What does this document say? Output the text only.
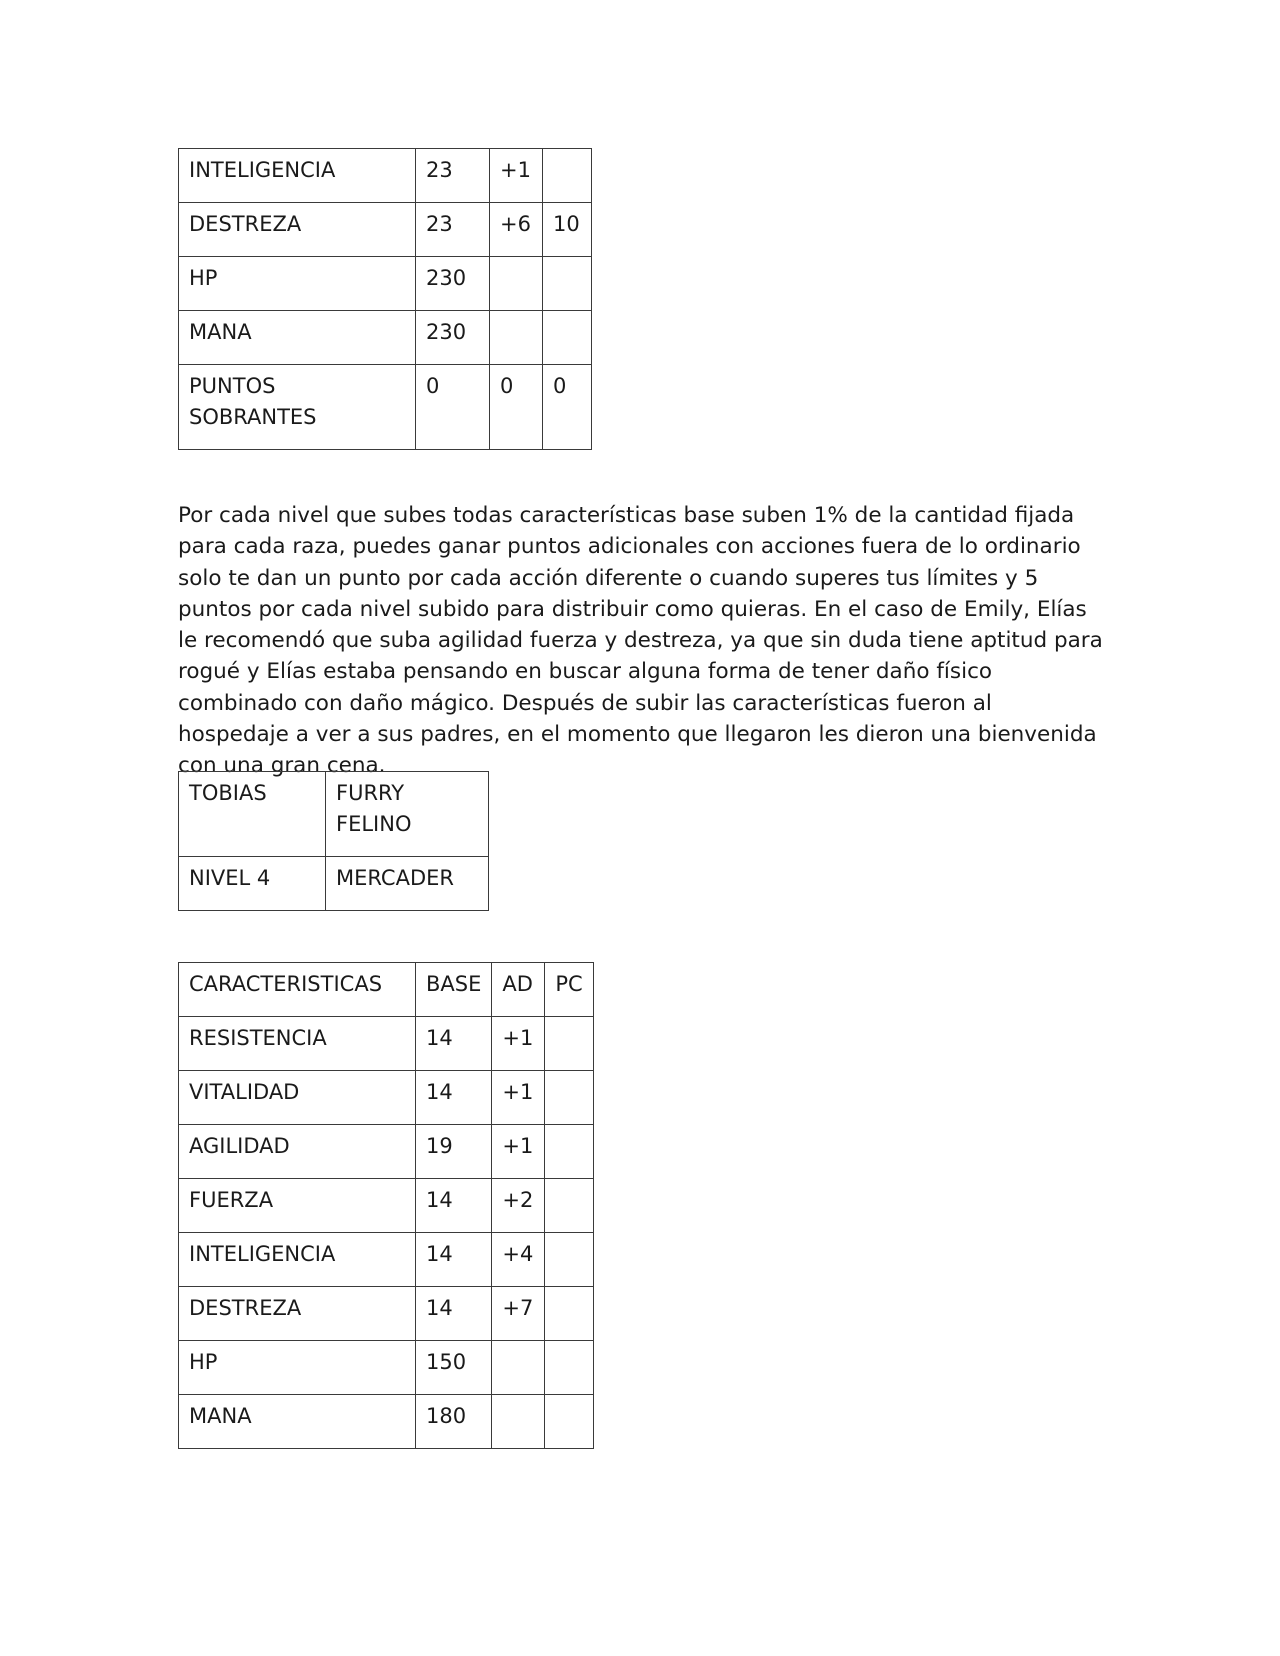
INTELIGENCIA	23	+1	
DESTREZA	23	+6	10
HP	230		
MANA	230		
PUNTOS SOBRANTES	0	0	0

Por cada nivel que subes todas características base suben 1% de la cantidad fijada para cada raza, puedes ganar puntos adicionales con acciones fuera de lo ordinario solo te dan un punto por cada acción diferente o cuando superes tus límites y 5 puntos por cada nivel subido para distribuir como quieras. En el caso de Emily, Elías le recomendó que suba agilidad fuerza y destreza, ya que sin duda tiene aptitud para rogué y Elías estaba pensando en buscar alguna forma de tener daño físico combinado con daño mágico. Después de subir las características fueron al hospedaje a ver a sus padres, en el momento que llegaron les dieron una bienvenida con una gran cena.

TOBIAS	FURRY FELINO
NIVEL 4	MERCADER
CARACTERISTICAS	BASE	AD	PC
RESISTENCIA	14	+1	
VITALIDAD	14	+1	
AGILIDAD	19	+1	
FUERZA	14	+2	
INTELIGENCIA	14	+4	
DESTREZA	14	+7	
HP	150		
MANA	180		
